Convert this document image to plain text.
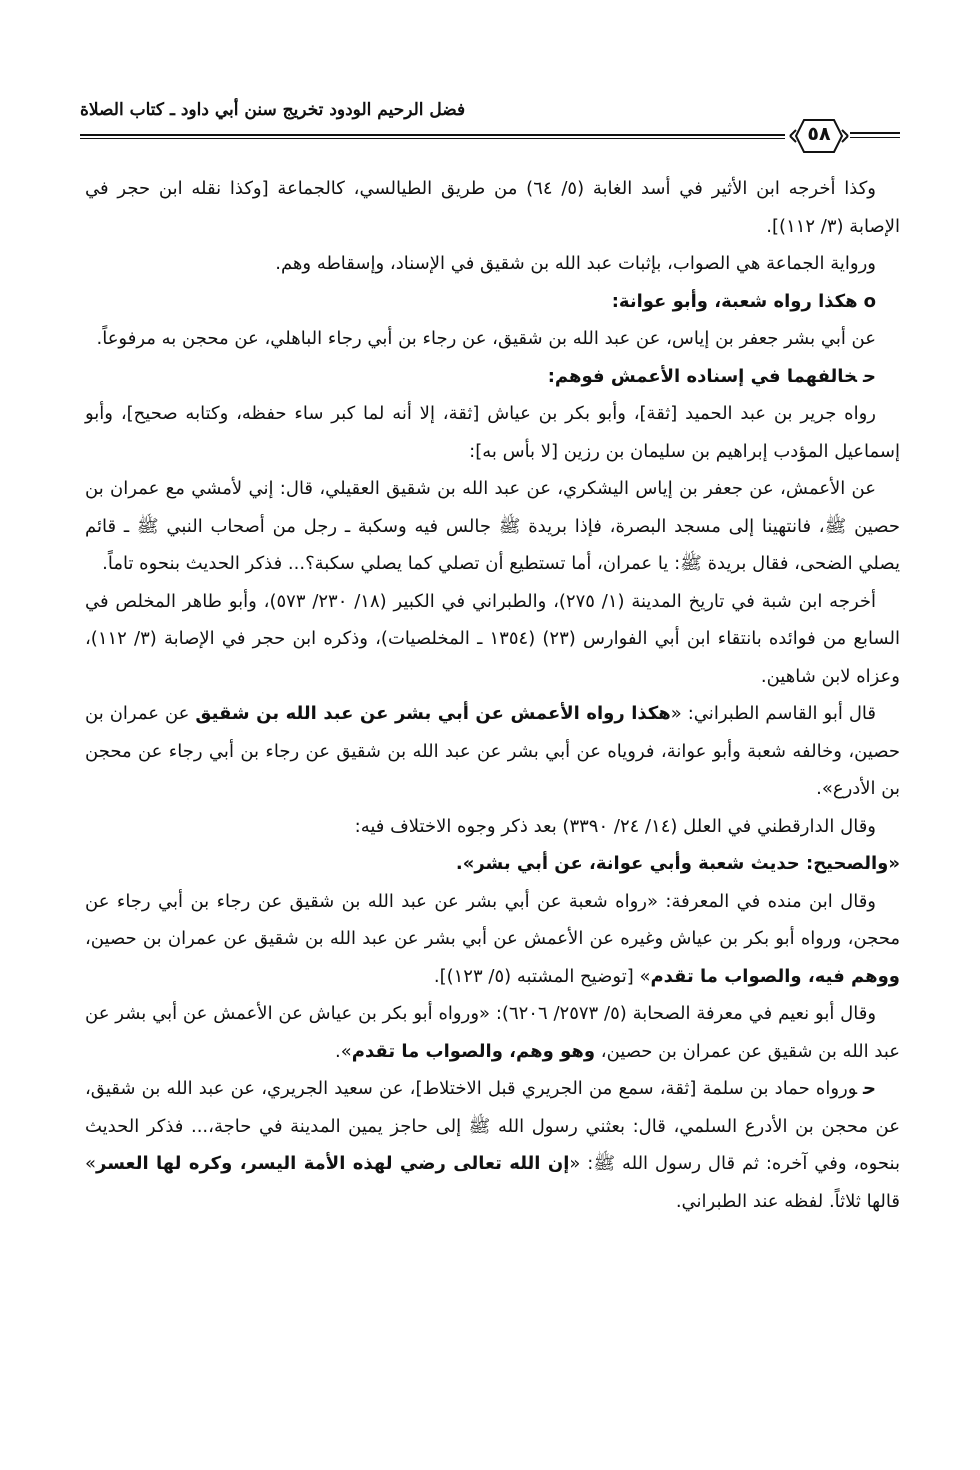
فضل الرحيم الودود تخريج سنن أبي داود ـ كتاب الصلاة
٥٨

وكذا أخرجه ابن الأثير في أسد الغابة (٥/ ٦٤) من طريق الطيالسي، كالجماعة [وكذا نقله ابن حجر في الإصابة (٣/ ١١٢)].

ورواية الجماعة هي الصواب، بإثبات عبد الله بن شقيق في الإسناد، وإسقاطه وهم.

oهكذا رواه شعبة، وأبو عوانة:

عن أبي بشر جعفر بن إياس، عن عبد الله بن شقيق، عن رجاء بن أبي رجاء الباهلي، عن محجن به مرفوعاً.

حخالفهما في إسناده الأعمش فوهم:

رواه جرير بن عبد الحميد [ثقة]، وأبو بكر بن عياش [ثقة، إلا أنه لما كبر ساء حفظه، وكتابه صحيح]، وأبو إسماعيل المؤدب إبراهيم بن سليمان بن رزين [لا بأس به]:

عن الأعمش، عن جعفر بن إياس اليشكري، عن عبد الله بن شقيق العقيلي، قال: إني لأمشي مع عمران بن حصين ﷺ، فانتهينا إلى مسجد البصرة، فإذا بريدة ﷺ جالس فيه وسكبة ـ رجل من أصحاب النبي ﷺ ـ قائم يصلي الضحى، فقال بريدة ﷺ: يا عمران، أما تستطيع أن تصلي كما يصلي سكبة؟... فذكر الحديث بنحوه تاماً.

أخرجه ابن شبة في تاريخ المدينة (١/ ٢٧٥)، والطبراني في الكبير (١٨/ ٢٣٠/ ٥٧٣)، وأبو طاهر المخلص في السابع من فوائده بانتقاء ابن أبي الفوارس (٢٣) (١٣٥٤ ـ المخلصيات)، وذكره ابن حجر في الإصابة (٣/ ١١٢)، وعزاه لابن شاهين.

قال أبو القاسم الطبراني: «هكذا رواه الأعمش عن أبي بشر عن عبد الله بن شقيق عن عمران بن حصين، وخالفه شعبة وأبو عوانة، فروياه عن أبي بشر عن عبد الله بن شقيق عن رجاء بن أبي رجاء عن محجن بن الأدرع».

وقال الدارقطني في العلل (١٤/ ٢٤/ ٣٣٩٠) بعد ذكر وجوه الاختلاف فيه:

«والصحيح: حديث شعبة وأبي عوانة، عن أبي بشر».

وقال ابن منده في المعرفة: «رواه شعبة عن أبي بشر عن عبد الله بن شقيق عن رجاء بن أبي رجاء عن محجن، ورواه أبو بكر بن عياش وغيره عن الأعمش عن أبي بشر عن عبد الله بن شقيق عن عمران بن حصين، ووهم فيه، والصواب ما تقدم» [توضيح المشتبه (٥/ ١٢٣)].

وقال أبو نعيم في معرفة الصحابة (٥/ ٢٥٧٣/ ٦٢٠٦): «ورواه أبو بكر بن عياش عن الأعمش عن أبي بشر عن عبد الله بن شقيق عن عمران بن حصين، وهو وهم، والصواب ما تقدم».

حورواه حماد بن سلمة [ثقة، سمع من الجريري قبل الاختلاط]، عن سعيد الجريري، عن عبد الله بن شقيق، عن محجن بن الأدرع السلمي، قال: بعثني رسول الله ﷺ إلى حاجز يمين المدينة في حاجة،... فذكر الحديث بنحوه، وفي آخره: ثم قال رسول الله ﷺ: «إن الله تعالى رضي لهذه الأمة اليسر، وكره لها العسر» قالها ثلاثاً. لفظه عند الطبراني.
